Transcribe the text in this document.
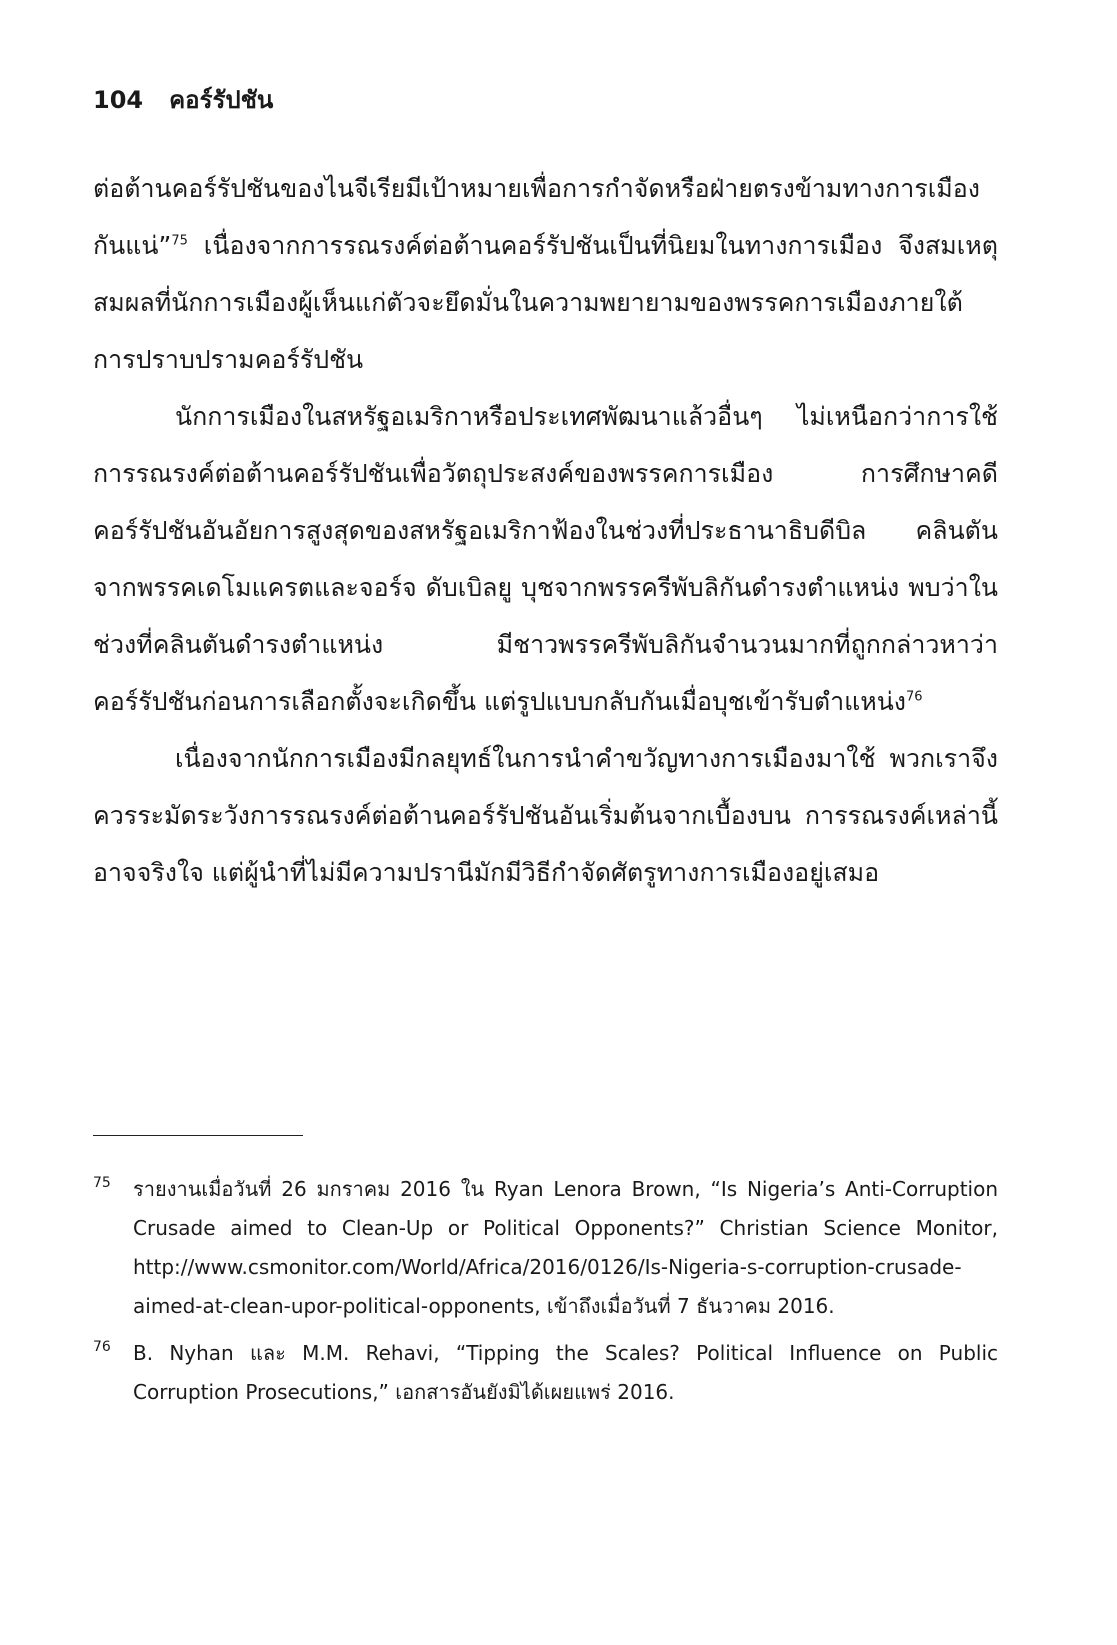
104 คอร์รัปชัน

ต่อต้านคอร์รัปชันของไนจีเรียมีเป้าหมายเพื่อการกำจัดหรือฝ่ายตรงข้ามทางการเมืองกันแน่”$^{75}$ เนื่องจากการรณรงค์ต่อต้านคอร์รัปชันเป็นที่นิยมในทางการเมือง จึงสมเหตุสมผลที่นักการเมืองผู้เห็นแก่ตัวจะยึดมั่นในความพยายามของพรรคการเมืองภายใต้การปราบปรามคอร์รัปชัน

นักการเมืองในสหรัฐอเมริกาหรือประเทศพัฒนาแล้วอื่นๆ ไม่เหนือกว่าการใช้การรณรงค์ต่อต้านคอร์รัปชันเพื่อวัตถุประสงค์ของพรรคการเมือง การศึกษาคดีคอร์รัปชันอันอัยการสูงสุดของสหรัฐอเมริกาฟ้องในช่วงที่ประธานาธิบดีบิล คลินตันจากพรรคเดโมแครตและจอร์จ ดับเบิลยู บุชจากพรรครีพับลิกันดำรงตำแหน่ง พบว่าในช่วงที่คลินตันดำรงตำแหน่ง มีชาวพรรครีพับลิกันจำนวนมากที่ถูกกล่าวหาว่าคอร์รัปชันก่อนการเลือกตั้งจะเกิดขึ้น แต่รูปแบบกลับกันเมื่อบุชเข้ารับตำแหน่ง$^{76}$

เนื่องจากนักการเมืองมีกลยุทธ์ในการนำคำขวัญทางการเมืองมาใช้ พวกเราจึงควรระมัดระวังการรณรงค์ต่อต้านคอร์รัปชันอันเริ่มต้นจากเบื้องบน การรณรงค์เหล่านี้อาจจริงใจ แต่ผู้นำที่ไม่มีความปรานีมักมีวิธีกำจัดศัตรูทางการเมืองอยู่เสมอ

75 รายงานเมื่อวันที่ 26 มกราคม 2016 ใน Ryan Lenora Brown, “Is Nigeria’s Anti-Corruption Crusade aimed to Clean-Up or Political Opponents?” Christian Science Monitor, http://www.csmonitor.com/World/Africa/2016/0126/Is-Nigeria-s-corruption-crusade-aimed-at-clean-upor-political-opponents, เข้าถึงเมื่อวันที่ 7 ธันวาคม 2016.
76 B. Nyhan และ M.M. Rehavi, “Tipping the Scales? Political Influence on Public Corruption Prosecutions,” เอกสารอันยังมิได้เผยแพร่ 2016.
